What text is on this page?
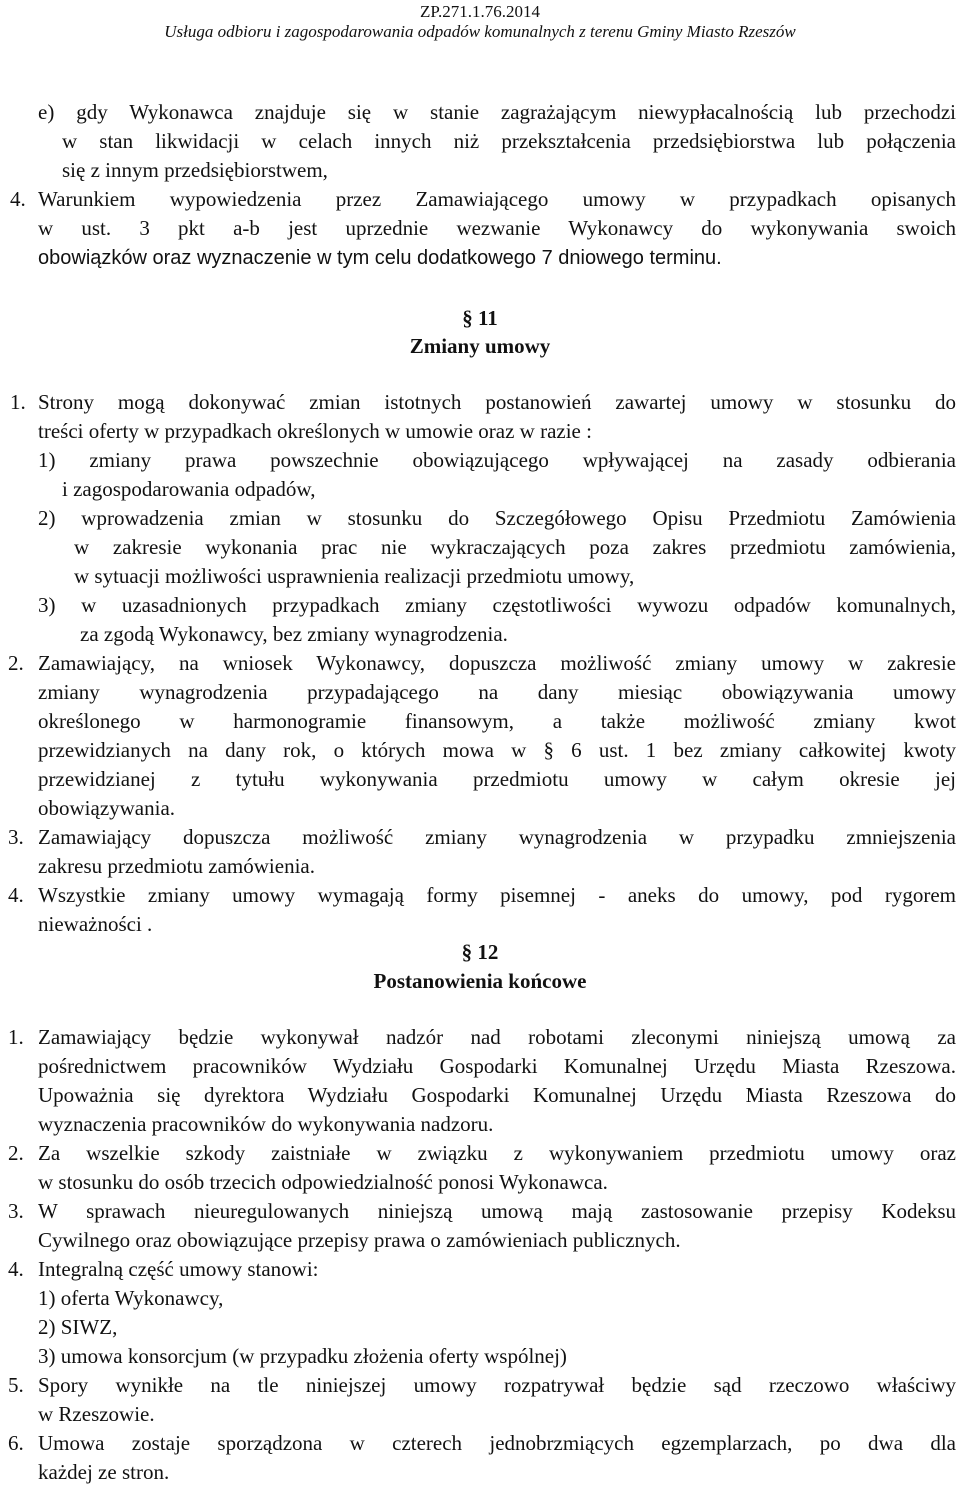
ZP.271.1.76.2014
Usługa odbioru i zagospodarowania odpadów komunalnych z terenu Gminy Miasto Rzeszów
e) gdy Wykonawca znajduje się w stanie zagrażającym niewypłacalnością lub przechodzi
w stan likwidacji w celach innych niż przekształcenia przedsiębiorstwa lub połączenia
się z innym przedsiębiorstwem,
4. Warunkiem wypowiedzenia przez Zamawiającego umowy w przypadkach opisanych
w ust. 3 pkt a-b jest uprzednie wezwanie Wykonawcy do wykonywania swoich
obowiązków oraz wyznaczenie w tym celu dodatkowego 7 dniowego terminu.
§ 11
Zmiany umowy
1. Strony mogą dokonywać zmian istotnych postanowień zawartej umowy w stosunku do
treści oferty w przypadkach określonych w umowie oraz w razie :
1) zmiany prawa powszechnie obowiązującego wpływającej na zasady odbierania
i zagospodarowania odpadów,
2) wprowadzenia zmian w stosunku do Szczegółowego Opisu Przedmiotu Zamówienia
w zakresie wykonania prac nie wykraczających poza zakres przedmiotu zamówienia,
w sytuacji możliwości usprawnienia realizacji przedmiotu umowy,
3) w uzasadnionych przypadkach zmiany częstotliwości wywozu odpadów komunalnych,
za zgodą Wykonawcy, bez zmiany wynagrodzenia.
2. Zamawiający, na wniosek Wykonawcy, dopuszcza możliwość zmiany umowy w zakresie
zmiany wynagrodzenia przypadającego na dany miesiąc obowiązywania umowy
określonego w harmonogramie finansowym, a także możliwość zmiany kwot
przewidzianych na dany rok, o których mowa w § 6 ust. 1 bez zmiany całkowitej kwoty
przewidzianej z tytułu wykonywania przedmiotu umowy w całym okresie jej
obowiązywania.
3. Zamawiający dopuszcza możliwość zmiany wynagrodzenia w przypadku zmniejszenia
zakresu przedmiotu zamówienia.
4. Wszystkie zmiany umowy wymagają formy pisemnej - aneks do umowy, pod rygorem
nieważności .
§ 12
Postanowienia końcowe
1. Zamawiający będzie wykonywał nadzór nad robotami zleconymi niniejszą umową za
pośrednictwem pracowników Wydziału Gospodarki Komunalnej Urzędu Miasta Rzeszowa.
Upoważnia się dyrektora Wydziału Gospodarki Komunalnej Urzędu Miasta Rzeszowa do
wyznaczenia pracowników do wykonywania nadzoru.
2. Za wszelkie szkody zaistniałe w związku z wykonywaniem przedmiotu umowy oraz
w stosunku do osób trzecich odpowiedzialność ponosi Wykonawca.
3. W sprawach nieuregulowanych niniejszą umową mają zastosowanie przepisy Kodeksu
Cywilnego oraz obowiązujące przepisy prawa o zamówieniach publicznych.
4. Integralną część umowy stanowi:
1) oferta Wykonawcy,
2) SIWZ,
3) umowa konsorcjum (w przypadku złożenia oferty wspólnej)
5. Spory wynikłe na tle niniejszej umowy rozpatrywał będzie sąd rzeczowo właściwy
w Rzeszowie.
6. Umowa zostaje sporządzona w czterech jednobrzmiących egzemplarzach, po dwa dla
każdej ze stron.
